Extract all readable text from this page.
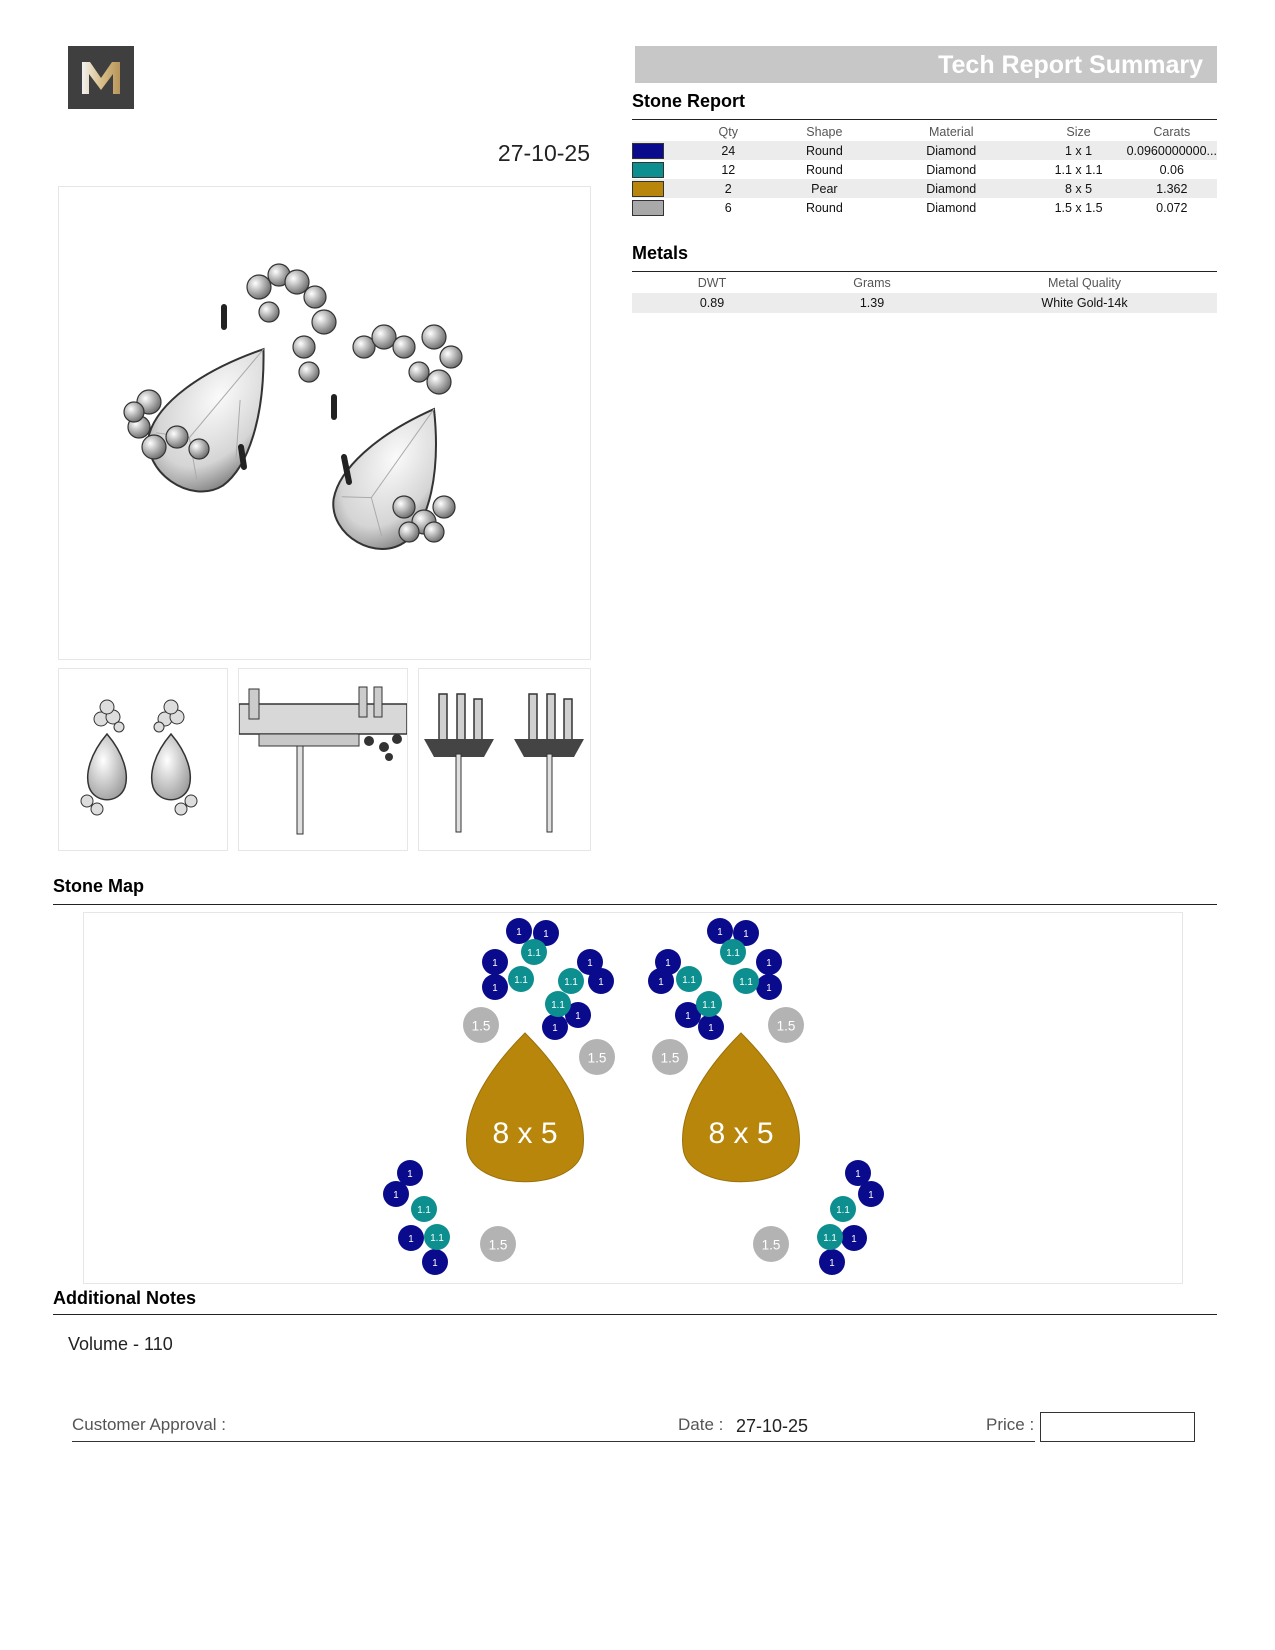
27-10-25
Tech Report Summary
Stone Report
	Qty	Shape	Material	Size	Carats
	24	Round	Diamond	1 x 1	0.0960000000...
	12	Round	Diamond	1.1 x 1.1	0.06
	2	Pear	Diamond	8 x 5	1.362
	6	Round	Diamond	1.5 x 1.5	0.072
Metals
DWT	Grams	Metal Quality
0.89	1.39	White Gold-14k
Stone Map
1 1
1
1
1
1
1
1
1 1
1
1
1
1
1
1
1
1
1
1
1
1
1
1
1.1
1.1	1.1
1.1
1.1
1.1	1.1
1.1
1.1
1.1
1.1
1.1
1.5
1.5
1.5
1.5
1.5
1.5
8 x 5	8 x 5
Additional Notes
Volume - 110
Customer Approval :	Date : 27-10-25	Price :
